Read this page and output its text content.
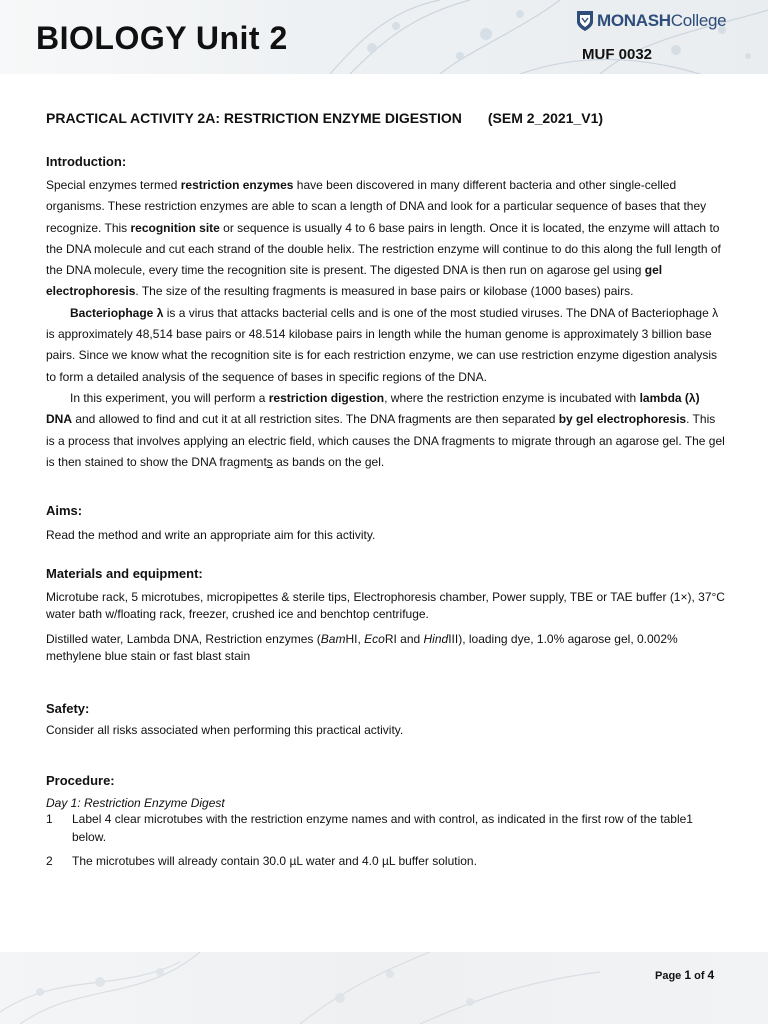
BIOLOGY Unit 2	MONASHCollege

MUF 0032

PRACTICAL ACTIVITY 2A: RESTRICTION ENZYME DIGESTION (SEM 2_2021_V1)
Introduction:

Special enzymes termed restriction enzymes have been discovered in many different bacteria and other single-celled organisms. These restriction enzymes are able to scan a length of DNA and look for a particular sequence of bases that they recognize. This recognition site or sequence is usually 4 to 6 base pairs in length. Once it is located, the enzyme will attach to the DNA molecule and cut each strand of the double helix. The restriction enzyme will continue to do this along the full length of the DNA molecule, every time the recognition site is present. The digested DNA is then run on agarose gel using gel electrophoresis. The size of the resulting fragments is measured in base pairs or kilobase (1000 bases) pairs.

Bacteriophage λ is a virus that attacks bacterial cells and is one of the most studied viruses. The DNA of Bacteriophage λ is approximately 48,514 base pairs or 48.514 kilobase pairs in length while the human genome is approximately 3 billion base pairs. Since we know what the recognition site is for each restriction enzyme, we can use restriction enzyme digestion analysis to form a detailed analysis of the sequence of bases in specific regions of the DNA.

In this experiment, you will perform a restriction digestion, where the restriction enzyme is incubated with lambda (λ) DNA and allowed to find and cut it at all restriction sites. The DNA fragments are then separated by gel electrophoresis. This is a process that involves applying an electric field, which causes the DNA fragments to migrate through an agarose gel. The gel is then stained to show the DNA fragments as bands on the gel.

Aims:

Read the method and write an appropriate aim for this activity.

Materials and equipment:

Microtube rack, 5 microtubes, micropipettes & sterile tips, Electrophoresis chamber, Power supply, TBE or TAE buffer (1×), 37°C water bath w/floating rack, freezer, crushed ice and benchtop centrifuge.

Distilled water, Lambda DNA, Restriction enzymes (BamHI, EcoRI and HindIII), loading dye, 1.0% agarose gel, 0.002% methylene blue stain or fast blast stain

Safety:

Consider all risks associated when performing this practical activity.

Procedure:

Day 1: Restriction Enzyme Digest

1	Label 4 clear microtubes with the restriction enzyme names and with control, as indicated in the first row of the table1 below.
2	The microtubes will already contain 30.0 µL water and 4.0 µL buffer solution.

Page 1 of 4
